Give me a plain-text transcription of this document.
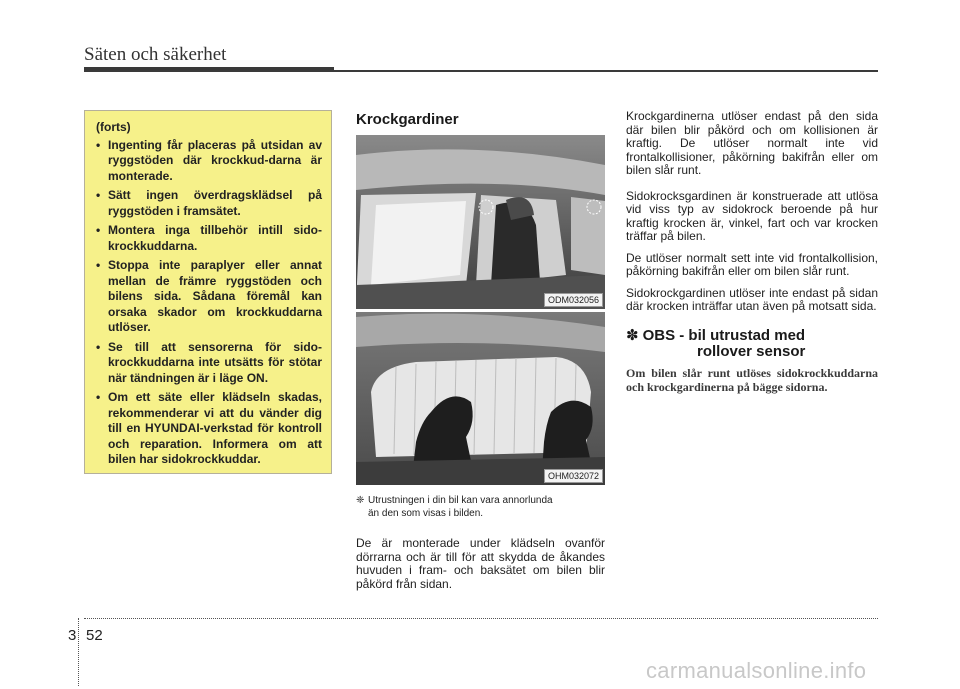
Säten och säkerhet
(forts)
• Ingenting får placeras på utsidan av ryggstöden där krockkud-darna är monterade.
• Sätt ingen överdragsklädsel på ryggstöden i framsätet.
• Montera inga tillbehör intill sido-krockkuddarna.
• Stoppa inte paraplyer eller annat mellan de främre ryggstöden och bilens sida. Sådana föremål kan orsaka skador om krockkuddarna utlöser.
• Se till att sensorerna för sido-krockkuddarna inte utsätts för stötar när tändningen är i läge ON.
• Om ett säte eller klädseln skadas, rekommenderar vi att du vänder dig till en HYUNDAI-verkstad för kontroll och reparation. Informera om att bilen har sidokrockkuddar.
Krockgardiner
ODM032056
OHM032072
❈ Utrustningen i din bil kan vara annorlunda
än den som visas i bilden.
De är monterade under klädseln ovanför dörrarna och är till för att skydda de åkandes huvuden i fram- och baksätet om bilen blir påkörd från sidan.

Krockgardinerna utlöser endast på den sida där bilen blir påkörd och om kollisionen är kraftig. De utlöser normalt inte vid frontalkollisioner, påkörning bakifrån eller om bilen slår runt.

Sidokrocksgardinen är konstruerade att utlösa vid viss typ av sidokrock beroende på hur kraftig krocken är, vinkel, fart och var krocken träffar på bilen.

De utlöser normalt sett inte vid frontalkollision, påkörning bakifrån eller om bilen slår runt.

Sidokrockgardinen utlöser inte endast på sidan där krocken inträffar utan även på motsatt sida.

✽ OBS - bil utrustad med
rollover sensor
Om bilen slår runt utlöses sidokrockkuddarna och krockgardinerna på bägge sidorna.
3 52
carmanualsonline.info
